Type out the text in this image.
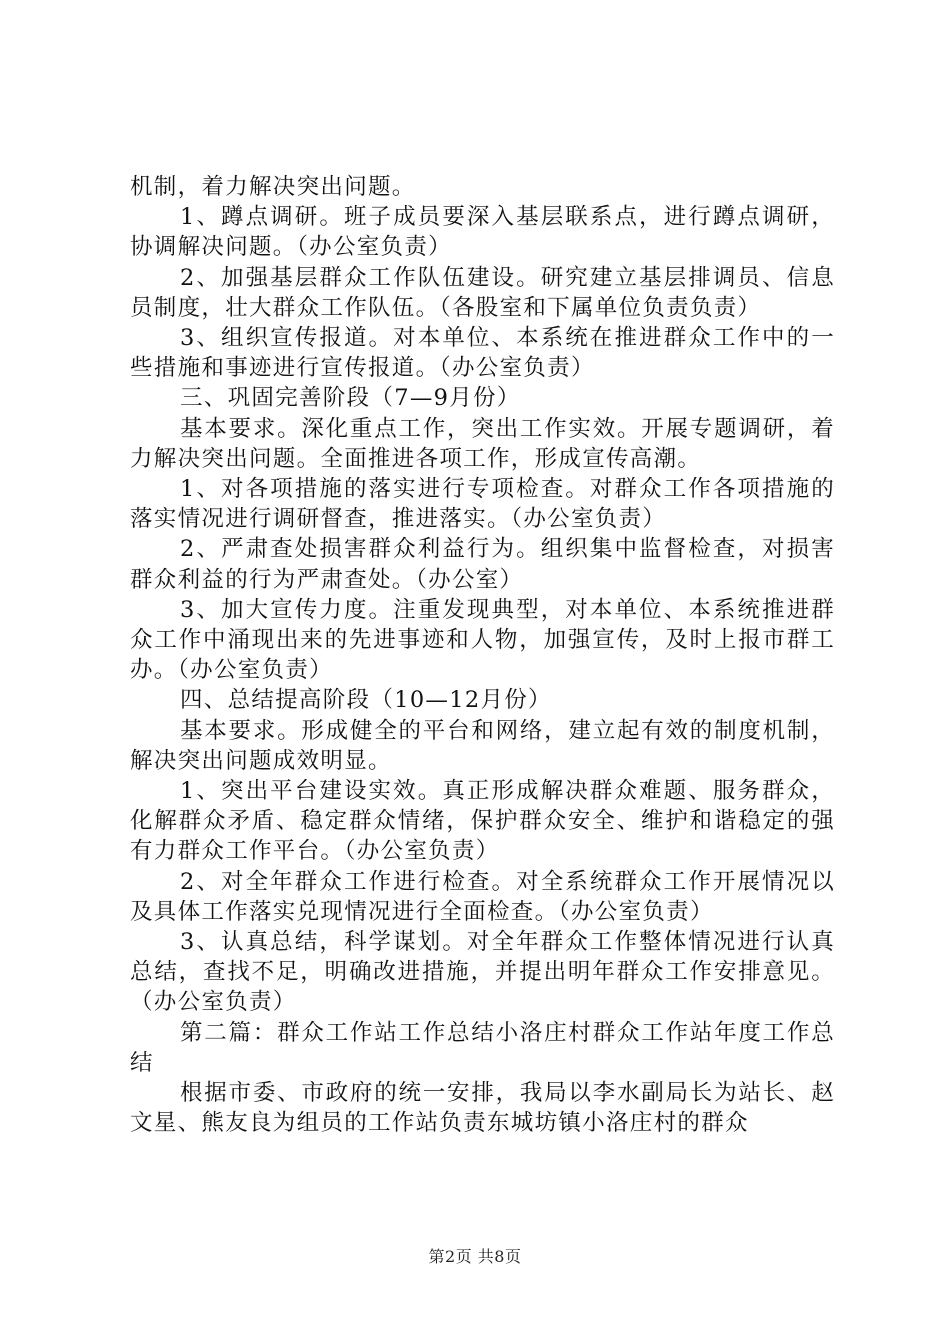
机制，着力解决突出问题。

1、蹲点调研。班子成员要深入基层联系点，进行蹲点调研，协调解决问题。（办公室负责）

2、加强基层群众工作队伍建设。研究建立基层排调员、信息员制度，壮大群众工作队伍。（各股室和下属单位负责负责）

3、组织宣传报道。对本单位、本系统在推进群众工作中的一些措施和事迹进行宣传报道。（办公室负责）

三、巩固完善阶段（7—9月份）

基本要求。深化重点工作，突出工作实效。开展专题调研，着力解决突出问题。全面推进各项工作，形成宣传高潮。

1、对各项措施的落实进行专项检查。对群众工作各项措施的落实情况进行调研督查，推进落实。（办公室负责）

2、严肃查处损害群众利益行为。组织集中监督检查，对损害群众利益的行为严肃查处。（办公室）

3、加大宣传力度。注重发现典型，对本单位、本系统推进群众工作中涌现出来的先进事迹和人物，加强宣传，及时上报市群工办。（办公室负责）

四、总结提高阶段（10—12月份）

基本要求。形成健全的平台和网络，建立起有效的制度机制，解决突出问题成效明显。

1、突出平台建设实效。真正形成解决群众难题、服务群众，化解群众矛盾、稳定群众情绪，保护群众安全、维护和谐稳定的强有力群众工作平台。（办公室负责）

2、对全年群众工作进行检查。对全系统群众工作开展情况以及具体工作落实兑现情况进行全面检查。（办公室负责）

3、认真总结，科学谋划。对全年群众工作整体情况进行认真总结，查找不足，明确改进措施，并提出明年群众工作安排意见。（办公室负责）

第二篇：群众工作站工作总结小洛庄村群众工作站年度工作总结

根据市委、市政府的统一安排，我局以李水副局长为站长、赵文星、熊友良为组员的工作站负责东城坊镇小洛庄村的群众

第2页 共8页
